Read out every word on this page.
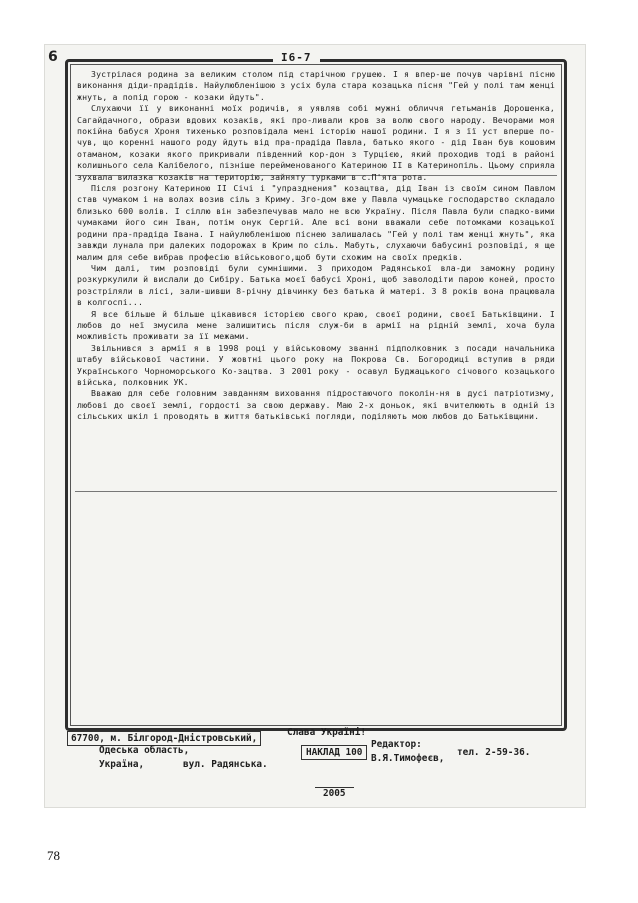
6	I6-7

Зустрілася родина за великим столом під старічною грушею. І я впер-ше почув чарівні пісню виконання діди-прадідів. Найулюбленішою з усіх була стара козацька пісня "Гей у полі там женці жнуть, а попід горою - козаки йдуть".

Слухаючи її у виконанні моїх родичів, я уявляв собі мужні обличчя гетьманів Дорошенка, Сагайдачного, образи вдових козаків, які про-ливали кров за волю свого народу. Вечорами моя покійна бабуся Хроня тихенько розповідала мені історію нашої родини. І я з її уст вперше по-чув, що коренні нашого роду йдуть від пра-прадіда Павла, батько якого - дід Іван був кошовим отаманом, козаки якого прикривали південний кор-дон з Турцією, який проходив тоді в районі колишнього села Калібелого, пізніше перейменованого Катериною ІІ в Катеринопіль. Цьому сприяла зухвала вилазка козаків на територію, зайняту турками в с.П'ята рота.

Після розгону Катериною ІІ Січі і "упразднения" козацтва, дід Іван із своїм сином Павлом став чумаком і на волах возив сіль з Криму. Зго-дом вже у Павла чумацьке господарство складало близько 600 волів. І сіллю він забезпечував мало не всю Україну. Після Павла були спадко-вими чумаками його син Іван, потім онук Сергій. Але всі вони вважали себе потомками козацької родини пра-прадіда Івана. І найулюбленішою піснею залишалась "Гей у полі там женці жнуть", яка завжди лунала при далеких подорожах в Крим по сіль. Мабуть, слухаючи бабусині розповіді, я ще малим для себе вибрав професію військового,щоб бути схожим на своїх предків.

Чим далі, тим розповіді були сумнішими. З приходом Радянської вла-ди заможну родину розкуркулили й вислали до Сибіру. Батька моєї бабусі Хроні, щоб заволодіти парою коней, просто розстріляли в лісі, зали-шивши 8-річну дівчинку без батька й матері. З 8 років вона працювала в колгоспі...

Я все більше й більше цікавився історією свого краю, своєї родини, своєї Батьківщини. І любов до неї змусила мене залишитись після служ-би в армії на рідній землі, хоча була можливість проживати за її межами.

Звільнився з армії я в 1998 році у військовому званні підполковник з посади начальника штабу військової частини. У жовтні цього року на Покрова Св. Богородиці вступив в ряди Українського Чорноморського Ко-зацтва. З 2001 року - осавул Буджацького січового козацького війська, полковник УК.

Вважаю для себе головним завданням виховання підростаючого поколін-ня в дусі патріотизму, любові до своєї землі, гордості за свою державу. Маю 2-х доньок, які вчителюють в одній із сільських шкіл і проводять в життя батьківські погляди, поділяють мою любов до Батьківщини.

Слава Україні!
67700, м. Білгород-Дністровський,
Одеська область,
Україна,	вул. Радянська.
НАКЛАД 100
Редактор:
В.Я.Тимофеєв,
тел. 2-59-36.
2005
78
